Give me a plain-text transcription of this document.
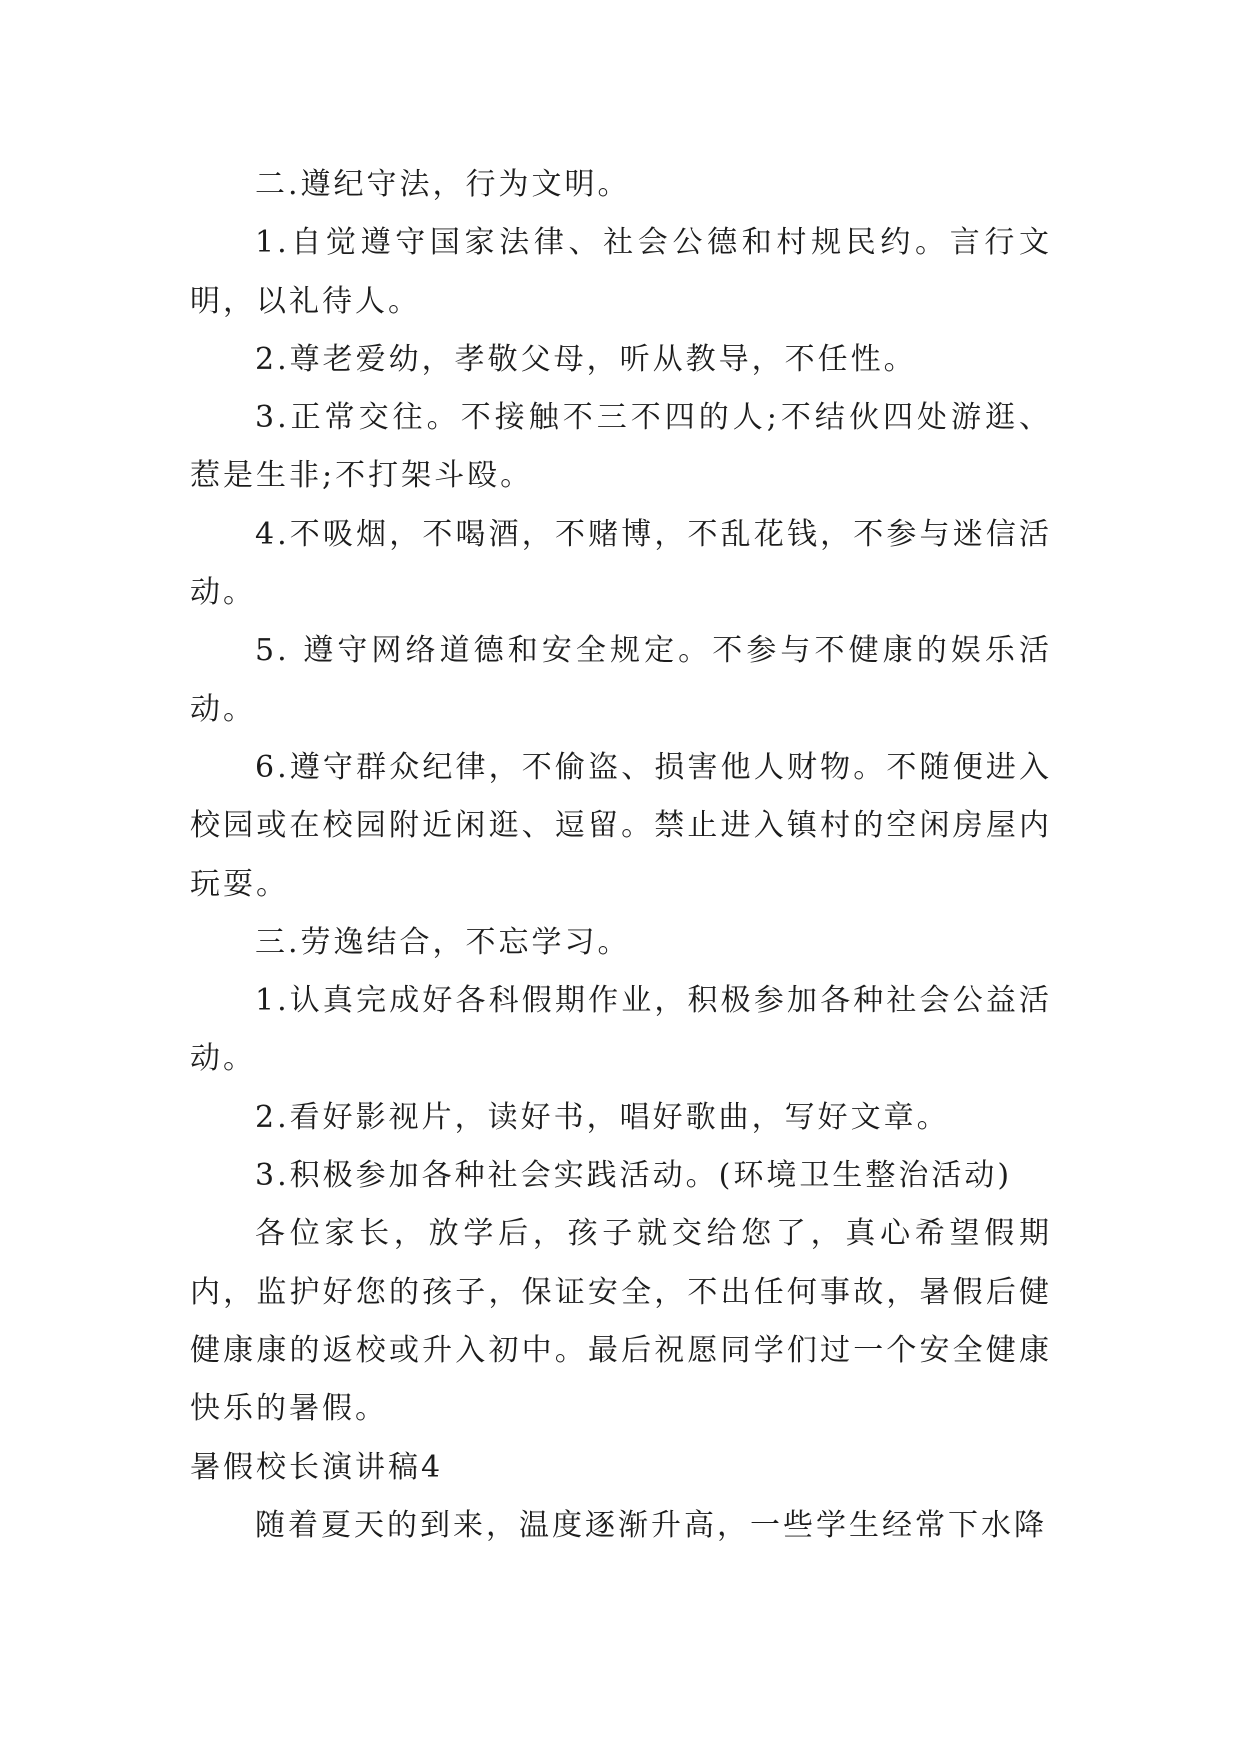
二.遵纪守法，行为文明。

1.自觉遵守国家法律、社会公德和村规民约。言行文明，以礼待人。

2.尊老爱幼，孝敬父母，听从教导，不任性。

3.正常交往。不接触不三不四的人;不结伙四处游逛、惹是生非;不打架斗殴。

4.不吸烟，不喝酒，不赌博，不乱花钱，不参与迷信活动。

5. 遵守网络道德和安全规定。不参与不健康的娱乐活动。

6.遵守群众纪律，不偷盗、损害他人财物。不随便进入校园或在校园附近闲逛、逗留。禁止进入镇村的空闲房屋内玩耍。

三.劳逸结合，不忘学习。

1.认真完成好各科假期作业，积极参加各种社会公益活动。

2.看好影视片，读好书，唱好歌曲，写好文章。

3.积极参加各种社会实践活动。(环境卫生整治活动)

各位家长，放学后，孩子就交给您了，真心希望假期内，监护好您的孩子，保证安全，不出任何事故，暑假后健健康康的返校或升入初中。最后祝愿同学们过一个安全健康快乐的暑假。

暑假校长演讲稿4

随着夏天的到来，温度逐渐升高，一些学生经常下水降
